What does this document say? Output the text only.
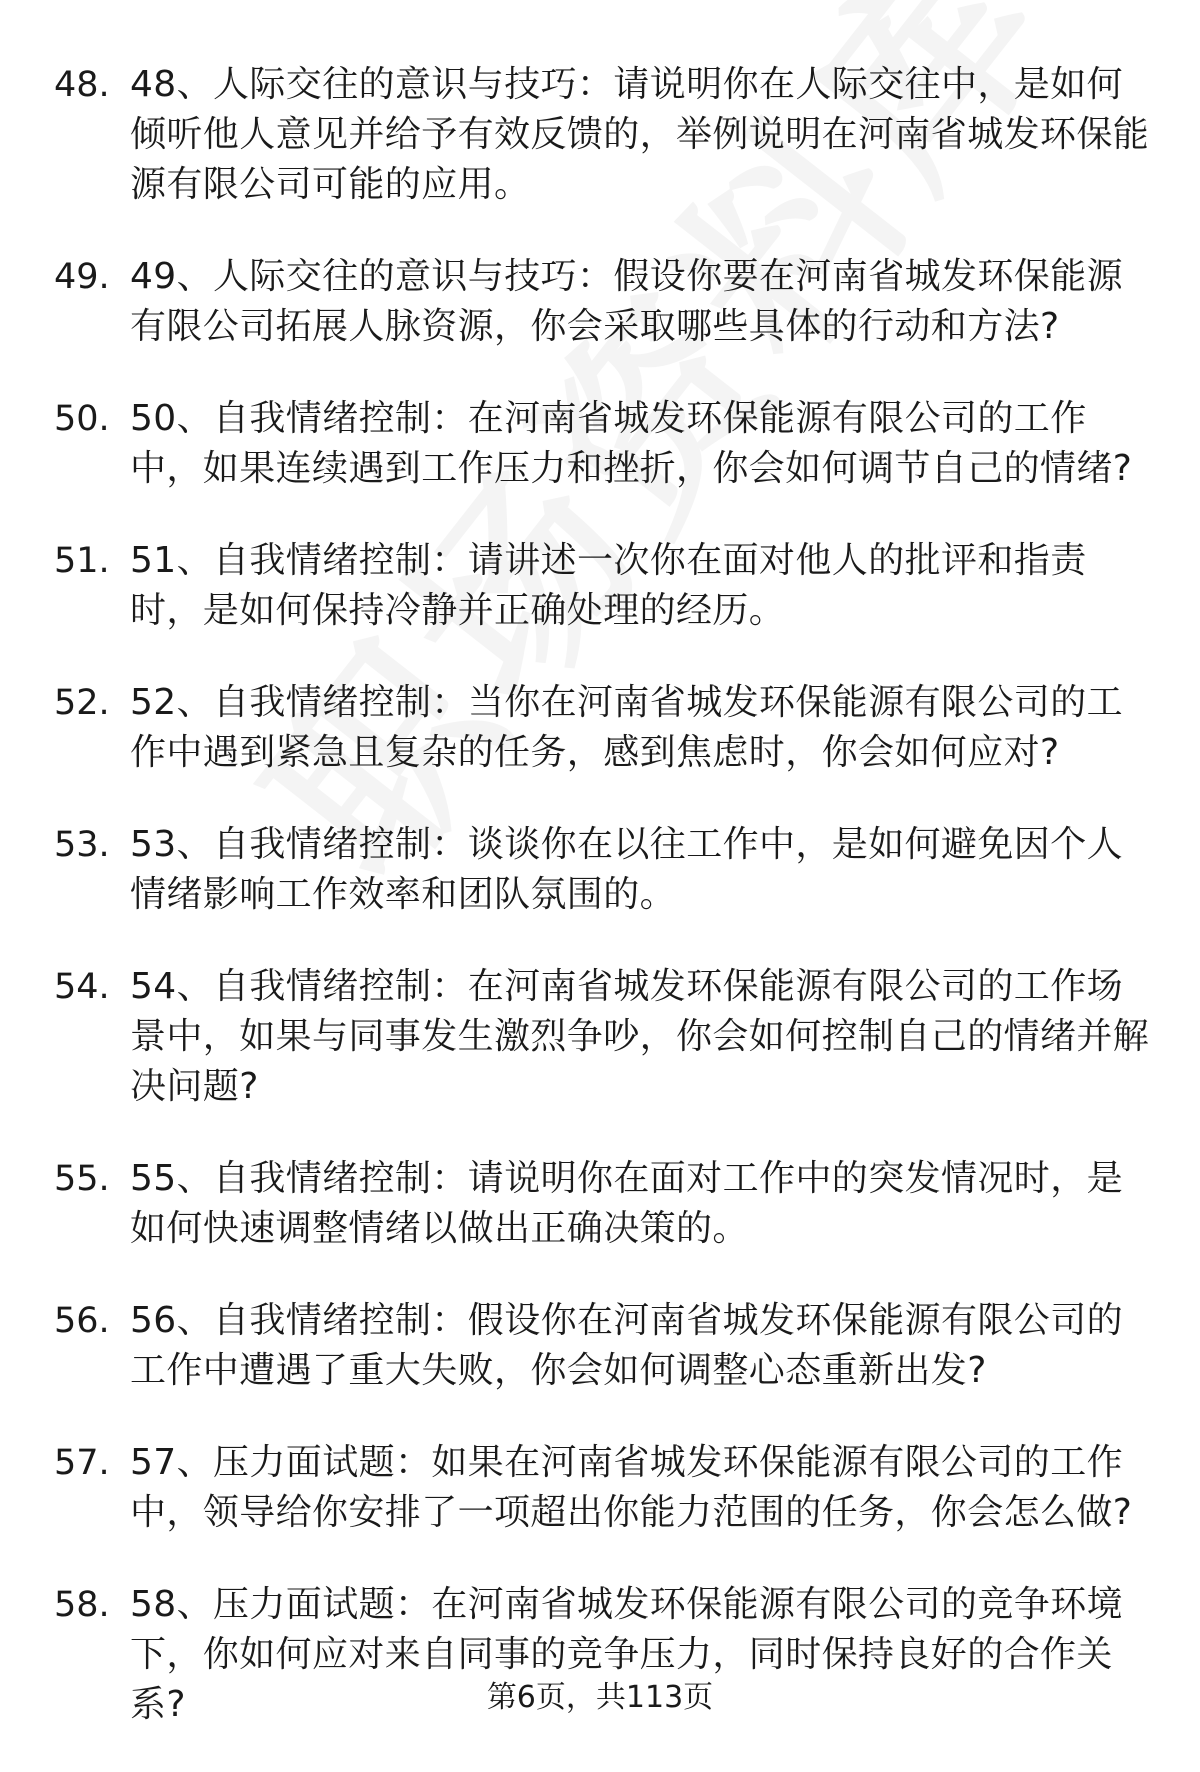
48. 48、人际交往的意识与技巧：请说明你在人际交往中，是如何倾听他人意见并给予有效反馈的，举例说明在河南省城发环保能源有限公司可能的应用。
49. 49、人际交往的意识与技巧：假设你要在河南省城发环保能源有限公司拓展人脉资源，你会采取哪些具体的行动和方法?
50. 50、自我情绪控制：在河南省城发环保能源有限公司的工作中，如果连续遇到工作压力和挫折，你会如何调节自己的情绪?
51. 51、自我情绪控制：请讲述一次你在面对他人的批评和指责时，是如何保持冷静并正确处理的经历。
52. 52、自我情绪控制：当你在河南省城发环保能源有限公司的工作中遇到紧急且复杂的任务，感到焦虑时，你会如何应对?
53. 53、自我情绪控制：谈谈你在以往工作中，是如何避免因个人情绪影响工作效率和团队氛围的。
54. 54、自我情绪控制：在河南省城发环保能源有限公司的工作场景中，如果与同事发生激烈争吵，你会如何控制自己的情绪并解决问题?
55. 55、自我情绪控制：请说明你在面对工作中的突发情况时，是如何快速调整情绪以做出正确决策的。
56. 56、自我情绪控制：假设你在河南省城发环保能源有限公司的工作中遭遇了重大失败，你会如何调整心态重新出发?
57. 57、压力面试题：如果在河南省城发环保能源有限公司的工作中，领导给你安排了一项超出你能力范围的任务，你会怎么做?
58. 58、压力面试题：在河南省城发环保能源有限公司的竞争环境下，你如何应对来自同事的竞争压力，同时保持良好的合作关系?	第6页，共113页
